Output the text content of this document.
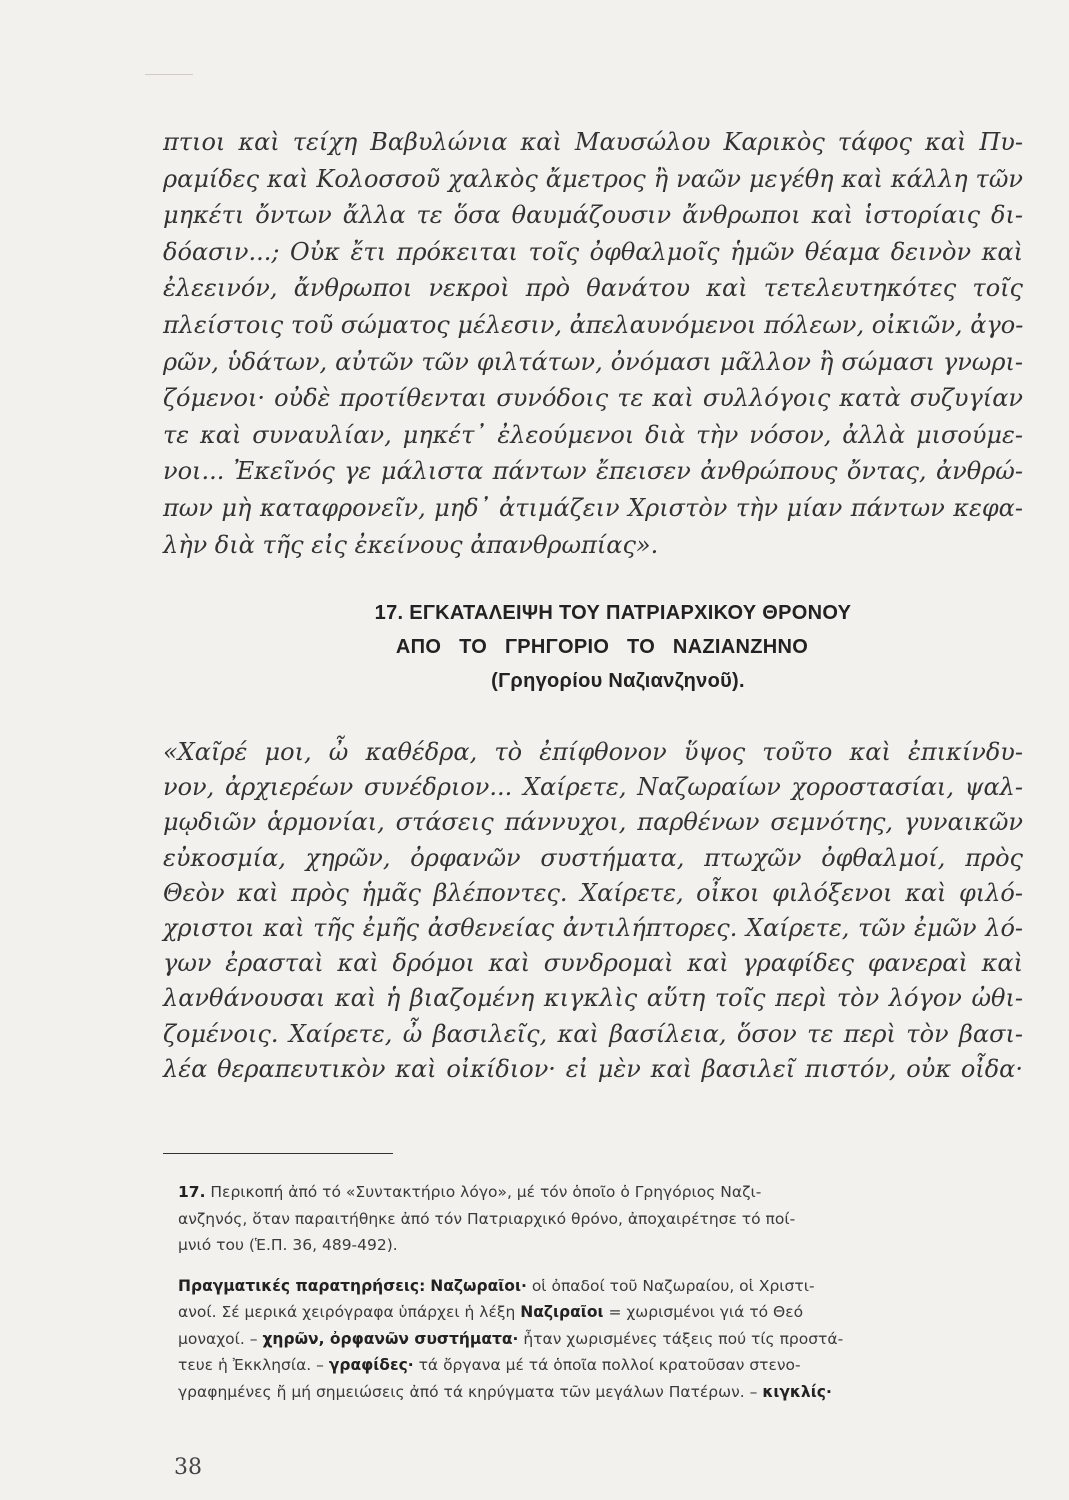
πτιοι καὶ τείχη Βαβυλώνια καὶ Μαυσώλου Καρικὸς τάφος καὶ Πυ-
ραμίδες καὶ Κολοσσοῦ χαλκὸς ἄμετρος ἢ ναῶν μεγέθη καὶ κάλλη τῶν
μηκέτι ὄντων ἄλλα τε ὅσα θαυμάζουσιν ἄνθρωποι καὶ ἱστορίαις δι-
δόασιν...; Οὐκ ἔτι πρόκειται τοῖς ὀφθαλμοῖς ἡμῶν θέαμα δεινὸν καὶ
ἐλεεινόν, ἄνθρωποι νεκροὶ πρὸ θανάτου καὶ τετελευτηκότες τοῖς
πλείστοις τοῦ σώματος μέλεσιν, ἀπελαυνόμενοι πόλεων, οἰκιῶν, ἀγο-
ρῶν, ὑδάτων, αὐτῶν τῶν φιλτάτων, ὀνόμασι μᾶλλον ἢ σώμασι γνωρι-
ζόμενοι· οὐδὲ προτίθενται συνόδοις τε καὶ συλλόγοις κατὰ συζυγίαν
τε καὶ συναυλίαν, μηκέτ᾽ ἐλεούμενοι διὰ τὴν νόσον, ἀλλὰ μισούμε-
νοι... Ἐκεῖνός γε μάλιστα πάντων ἔπεισεν ἀνθρώπους ὄντας, ἀνθρώ-
πων μὴ καταφρονεῖν, μηδ᾽ ἀτιμάζειν Χριστὸν τὴν μίαν πάντων κεφα-
λὴν διὰ τῆς εἰς ἐκείνους ἀπανθρωπίας».
17. ΕΓΚΑΤΑΛΕΙΨΗ ΤΟΥ ΠΑΤΡΙΑΡΧΙΚΟΥ ΘΡΟΝΟΥ
ΑΠΟ ΤΟ ΓΡΗΓΟΡΙΟ ΤΟ ΝΑΖΙΑΝΖΗΝΟ
(Γρηγορίου Ναζιανζηνοῦ).
«Χαῖρέ μοι, ὦ καθέδρα, τὸ ἐπίφθονον ὕψος τοῦτο καὶ ἐπικίνδυ-
νον, ἀρχιερέων συνέδριον... Χαίρετε, Ναζωραίων χοροστασίαι, ψαλ-
μῳδιῶν ἁρμονίαι, στάσεις πάννυχοι, παρθένων σεμνότης, γυναικῶν
εὐκοσμία, χηρῶν, ὀρφανῶν συστήματα, πτωχῶν ὀφθαλμοί, πρὸς
Θεὸν καὶ πρὸς ἡμᾶς βλέποντες. Χαίρετε, οἶκοι φιλόξενοι καὶ φιλό-
χριστοι καὶ τῆς ἐμῆς ἀσθενείας ἀντιλήπτορες. Χαίρετε, τῶν ἐμῶν λό-
γων ἐρασταὶ καὶ δρόμοι καὶ συνδρομαὶ καὶ γραφίδες φανεραὶ καὶ
λανθάνουσαι καὶ ἡ βιαζομένη κιγκλὶς αὕτη τοῖς περὶ τὸν λόγον ὠθι-
ζομένοις. Χαίρετε, ὦ βασιλεῖς, καὶ βασίλεια, ὅσον τε περὶ τὸν βασι-
λέα θεραπευτικὸν καὶ οἰκίδιον· εἰ μὲν καὶ βασιλεῖ πιστόν, οὐκ οἶδα·
17. Περικοπή ἀπό τό «Συντακτήριο λόγο», μέ τόν ὁποῖο ὁ Γρηγόριος Ναζι-
ανζηνός, ὅταν παραιτήθηκε ἀπό τόν Πατριαρχικό θρόνο, ἀποχαιρέτησε τό ποί-
μνιό του (Ἑ.Π. 36, 489-492).
Πραγματικές παρατηρήσεις: Ναζωραῖοι· οἱ ὀπαδοί τοῦ Ναζωραίου, οἱ Χριστι-
ανοί. Σέ μερικά χειρόγραφα ὑπάρχει ἡ λέξη Ναζιραῖοι = χωρισμένοι γιά τό Θεό
μοναχοί. – χηρῶν, ὀρφανῶν συστήματα· ἦταν χωρισμένες τάξεις πού τίς προστά-
τευε ἡ Ἐκκλησία. – γραφίδες· τά ὄργανα μέ τά ὁποῖα πολλοί κρατοῦσαν στενο-
γραφημένες ἤ μή σημειώσεις ἀπό τά κηρύγματα τῶν μεγάλων Πατέρων. – κιγκλίς·
38
